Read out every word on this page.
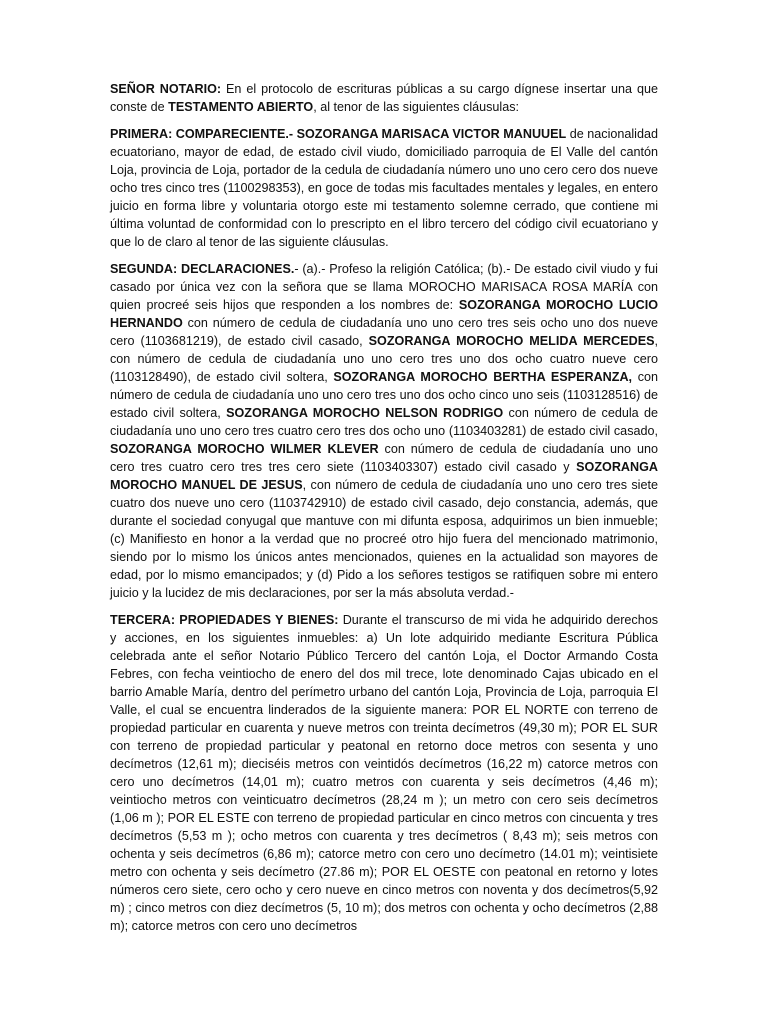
SEÑOR NOTARIO: En el protocolo de escrituras públicas a su cargo dígnese insertar una que conste de TESTAMENTO ABIERTO, al tenor de las siguientes cláusulas:

PRIMERA: COMPARECIENTE.- SOZORANGA MARISACA VICTOR MANUUEL de nacionalidad ecuatoriano, mayor de edad, de estado civil viudo, domiciliado parroquia de El Valle del cantón Loja, provincia de Loja, portador de la cedula de ciudadanía número uno uno cero cero dos nueve ocho tres cinco tres (1100298353), en goce de todas mis facultades mentales y legales, en entero juicio en forma libre y voluntaria otorgo este mi testamento solemne cerrado, que contiene mi última voluntad de conformidad con lo prescripto en el libro tercero del código civil ecuatoriano y que lo de claro al tenor de las siguiente cláusulas.

SEGUNDA: DECLARACIONES.- (a).- Profeso la religión Católica; (b).- De estado civil viudo y fui casado por única vez con la señora que se llama MOROCHO MARISACA ROSA MARÍA con quien procreé seis hijos que responden a los nombres de: SOZORANGA MOROCHO LUCIO HERNANDO con número de cedula de ciudadanía uno uno cero tres seis ocho uno dos nueve cero (1103681219), de estado civil casado, SOZORANGA MOROCHO MELIDA MERCEDES, con número de cedula de ciudadanía uno uno cero tres uno dos ocho cuatro nueve cero (1103128490), de estado civil soltera, SOZORANGA MOROCHO BERTHA ESPERANZA, con número de cedula de ciudadanía uno uno cero tres uno dos ocho cinco uno seis (1103128516) de estado civil soltera, SOZORANGA MOROCHO NELSON RODRIGO con número de cedula de ciudadanía uno uno cero tres cuatro cero tres dos ocho uno (1103403281) de estado civil casado, SOZORANGA MOROCHO WILMER KLEVER con número de cedula de ciudadanía uno uno cero tres cuatro cero tres tres cero siete (1103403307) estado civil casado y SOZORANGA MOROCHO MANUEL DE JESUS, con número de cedula de ciudadanía uno uno cero tres siete cuatro dos nueve uno cero (1103742910) de estado civil casado, dejo constancia, además, que durante el sociedad conyugal que mantuve con mi difunta esposa, adquirimos un bien inmueble; (c) Manifiesto en honor a la verdad que no procreé otro hijo fuera del mencionado matrimonio, siendo por lo mismo los únicos antes mencionados, quienes en la actualidad son mayores de edad, por lo mismo emancipados; y (d) Pido a los señores testigos se ratifiquen sobre mi entero juicio y la lucidez de mis declaraciones, por ser la más absoluta verdad.-

TERCERA: PROPIEDADES Y BIENES: Durante el transcurso de mi vida he adquirido derechos y acciones, en los siguientes inmuebles: a) Un lote adquirido mediante Escritura Pública celebrada ante el señor Notario Público Tercero del cantón Loja, el Doctor Armando Costa Febres, con fecha veintiocho de enero del dos mil trece, lote denominado Cajas ubicado en el barrio Amable María, dentro del perímetro urbano del cantón Loja, Provincia de Loja, parroquia El Valle, el cual se encuentra linderados de la siguiente manera: POR EL NORTE con terreno de propiedad particular en cuarenta y nueve metros con treinta decímetros (49,30 m); POR EL SUR con terreno de propiedad particular y peatonal en retorno doce metros con sesenta y uno decímetros (12,61 m); dieciséis metros con veintidós decímetros (16,22 m) catorce metros con cero uno decímetros (14,01 m); cuatro metros con cuarenta y seis decímetros (4,46 m); veintiocho metros con veinticuatro decímetros (28,24 m ); un metro con cero seis decímetros (1,06 m ); POR EL ESTE con terreno de propiedad particular en cinco metros con cincuenta y tres decímetros (5,53 m ); ocho metros con cuarenta y tres decímetros ( 8,43 m); seis metros con ochenta y seis decímetros (6,86 m); catorce metro con cero uno decímetro (14.01 m); veintisiete metro con ochenta y seis decímetro (27.86 m); POR EL OESTE con peatonal en retorno y lotes números cero siete, cero ocho y cero nueve en cinco metros con noventa y dos decímetros(5,92 m) ; cinco metros con diez decímetros (5, 10 m); dos metros con ochenta y ocho decímetros (2,88 m); catorce metros con cero uno decímetros
